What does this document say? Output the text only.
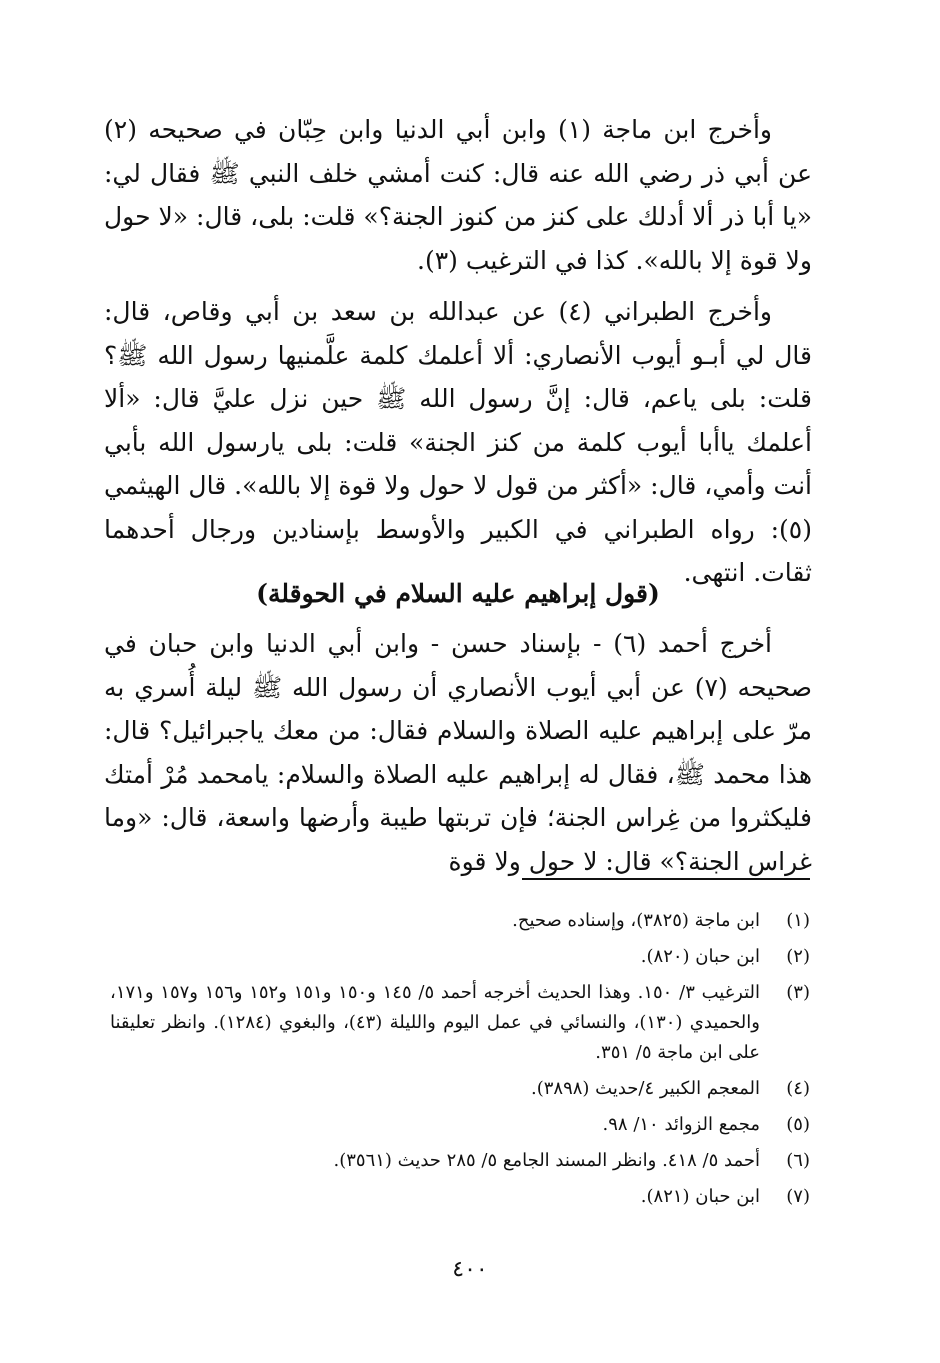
وأخرج ابن ماجة (١) وابن أبي الدنيا وابن حِبّان في صحيحه (٢) عن أبي ذر رضي الله عنه قال: كنت أمشي خلف النبي ﷺ فقال لي: «يا أبا ذر ألا أدلك على كنز من كنوز الجنة؟» قلت: بلى، قال: «لا حول ولا قوة إلا بالله». كذا في الترغيب (٣).

وأخرج الطبراني (٤) عن عبدالله بن سعد بن أبي وقاص، قال: قال لي أبـو أيوب الأنصاري: ألا أعلمك كلمة علَّمنيها رسول الله ﷺ؟ قلت: بلى ياعم، قال: إنَّ رسول الله ﷺ حين نزل عليَّ قال: «ألا أعلمك ياأبا أيوب كلمة من كنز الجنة» قلت: بلى يارسول الله بأبي أنت وأمي، قال: «أكثر من قول لا حول ولا قوة إلا بالله». قال الهيثمي (٥): رواه الطبراني في الكبير والأوسط بإسنادين ورجال أحدهما ثقات. انتهى.

(قول إبراهيم عليه السلام في الحوقلة)

أخرج أحمد (٦) - بإسناد حسن - وابن أبي الدنيا وابن حبان في صحيحه (٧) عن أبي أيوب الأنصاري أن رسول الله ﷺ ليلة أُسري به مرّ على إبراهيم عليه الصلاة والسلام فقال: من معك ياجبرائيل؟ قال: هذا محمد ﷺ، فقال له إبراهيم عليه الصلاة والسلام: يامحمد مُرْ أمتك فليكثروا من غِراس الجنة؛ فإن تربتها طيبة وأرضها واسعة، قال: «وما غراس الجنة؟» قال: لا حول ولا قوة

(١)
ابن ماجة (٣٨٢٥)، وإسناده صحيح.
(٢)
ابن حبان (٨٢٠).
(٣)
الترغيب ٣/ ١٥٠. وهذا الحديث أخرجه أحمد ٥/ ١٤٥ و١٥٠ و١٥١ و١٥٢ و١٥٦ و١٥٧ و١٧١، والحميدي (١٣٠)، والنسائي في عمل اليوم والليلة (٤٣)، والبغوي (١٢٨٤). وانظر تعليقنا على ابن ماجة ٥/ ٣٥١.
(٤)
المعجم الكبير ٤/حديث (٣٨٩٨).
(٥)
مجمع الزوائد ١٠/ ٩٨.
(٦)
أحمد ٥/ ٤١٨. وانظر المسند الجامع ٥/ ٢٨٥ حديث (٣٥٦١).
(٧)
ابن حبان (٨٢١).
٤٠٠
